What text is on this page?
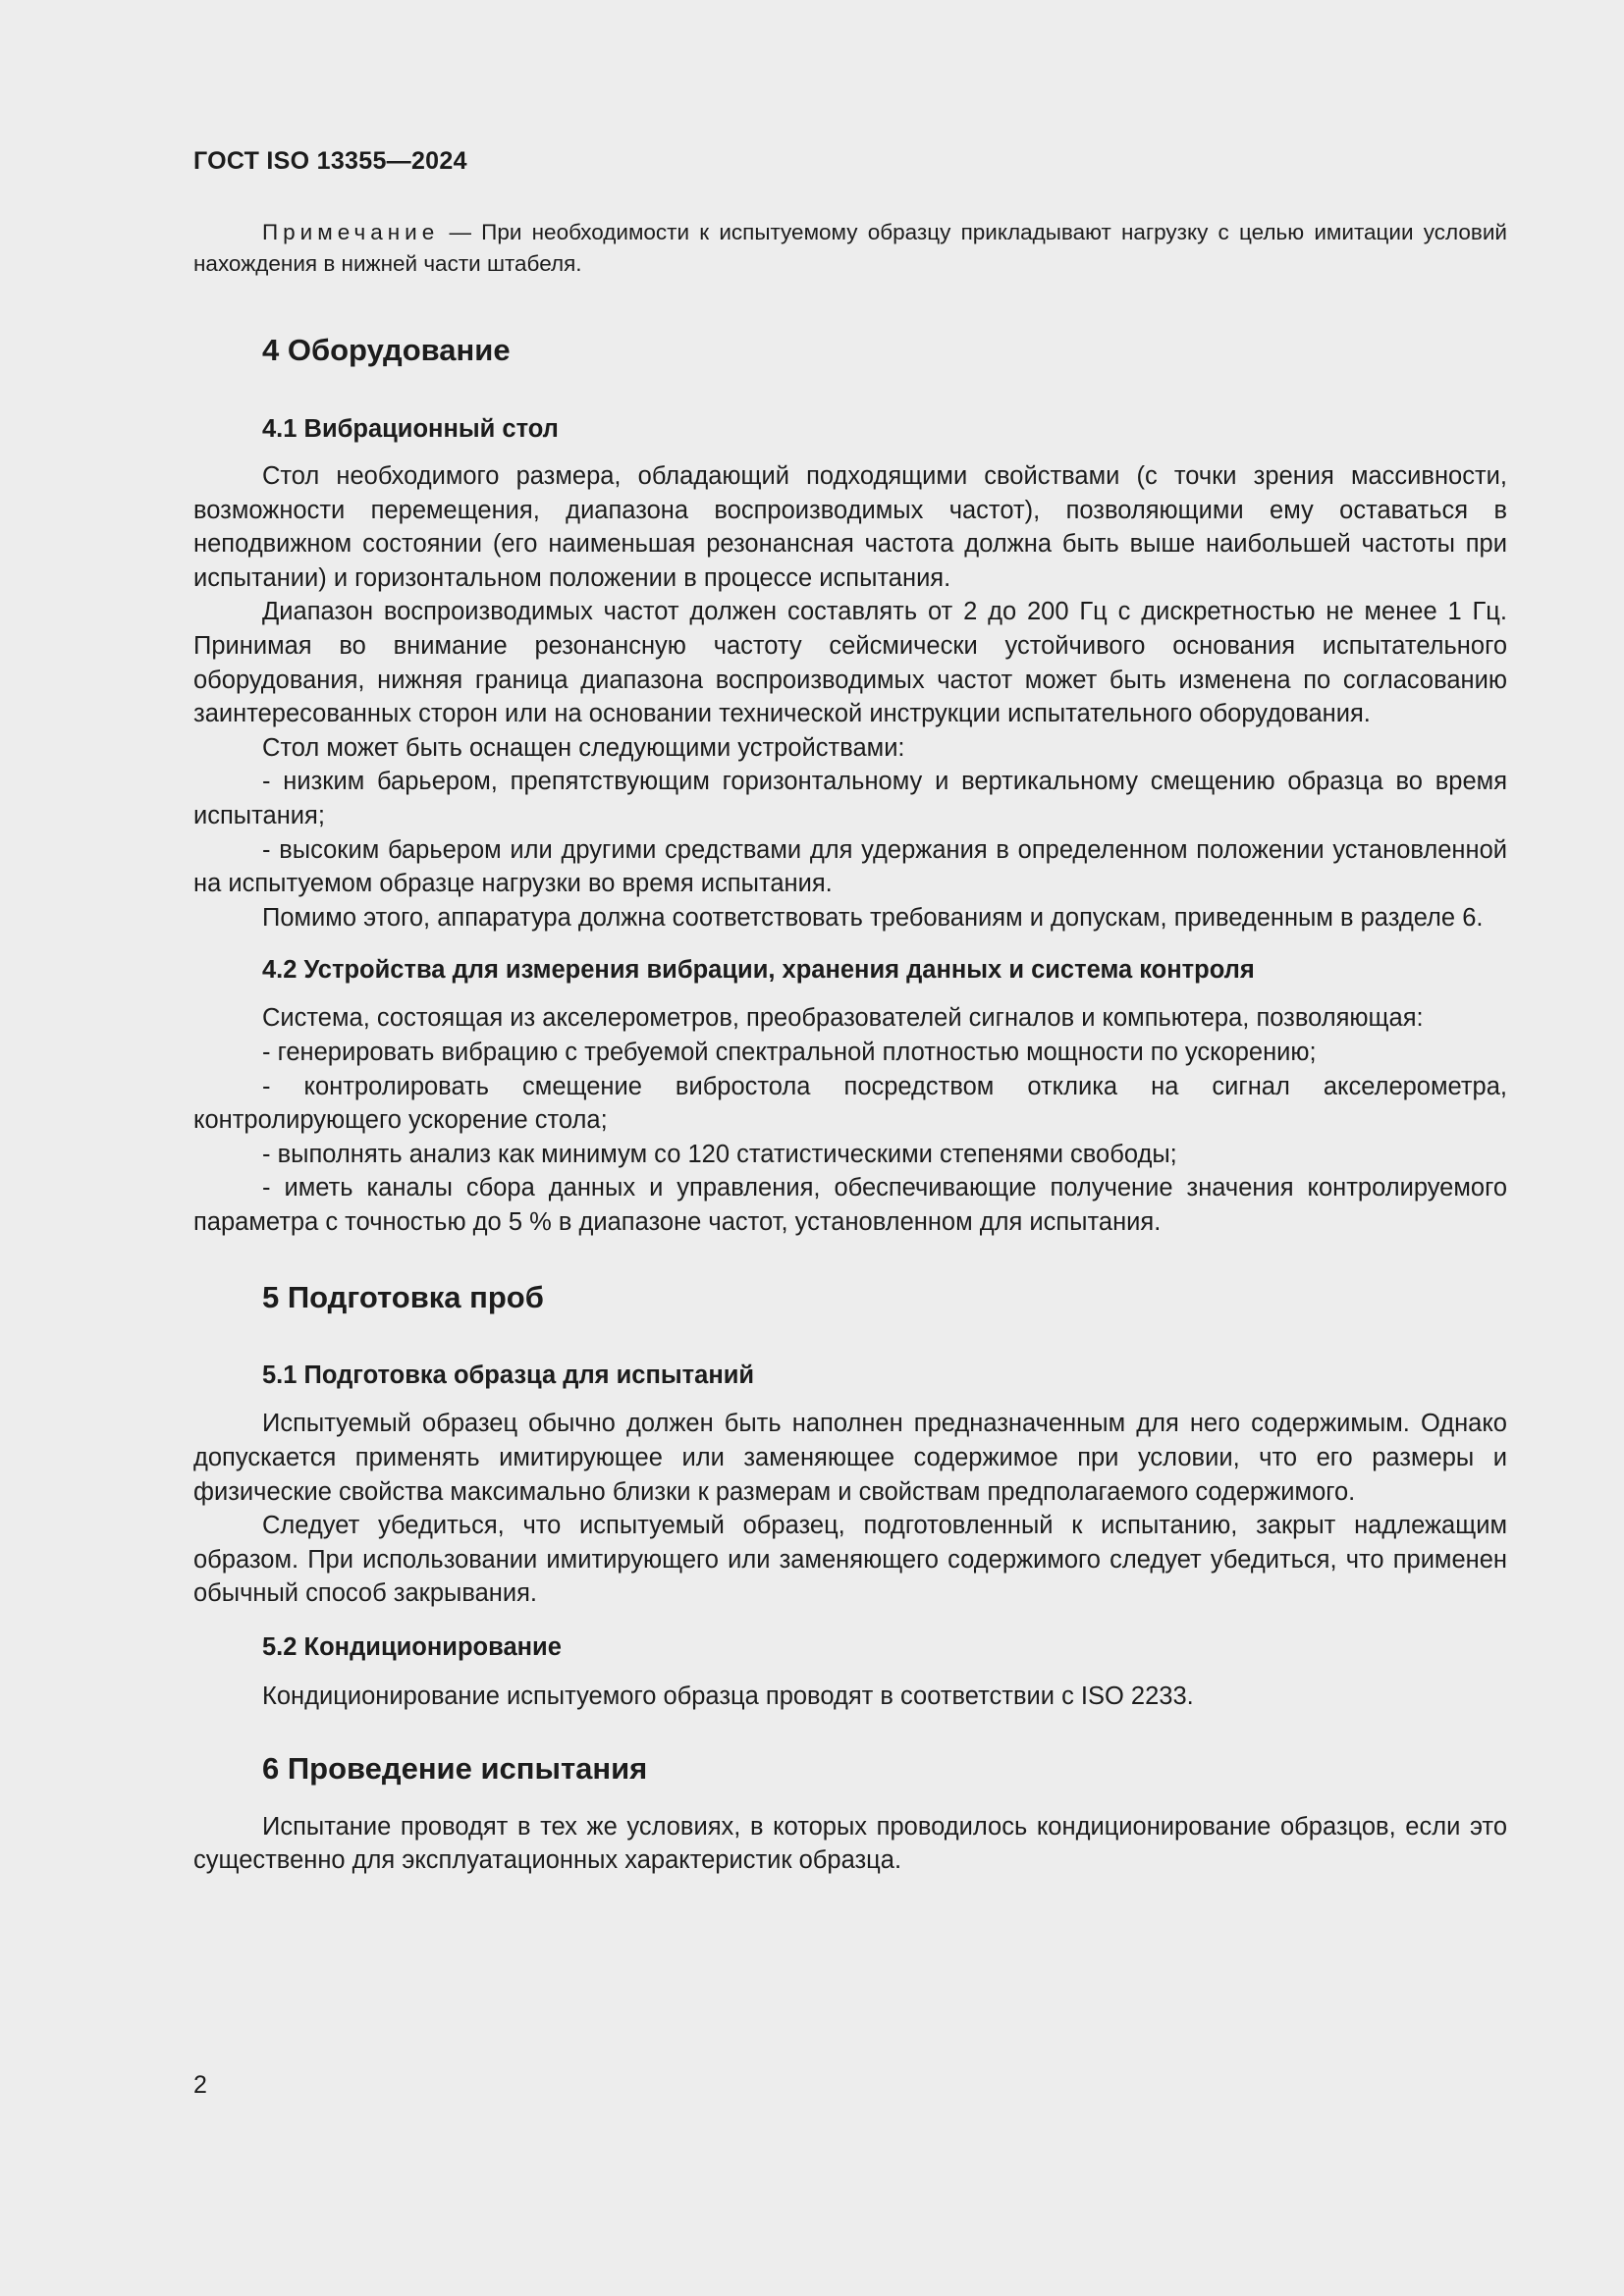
ГОСТ ISO 13355—2024

Примечание — При необходимости к испытуемому образцу прикладывают нагрузку с целью имитации условий нахождения в нижней части штабеля.

4 Оборудование
4.1 Вибрационный стол

Стол необходимого размера, обладающий подходящими свойствами (с точки зрения массивности, возможности перемещения, диапазона воспроизводимых частот), позволяющими ему оставаться в неподвижном состоянии (его наименьшая резонансная частота должна быть выше наибольшей частоты при испытании) и горизонтальном положении в процессе испытания.

Диапазон воспроизводимых частот должен составлять от 2 до 200 Гц с дискретностью не менее 1 Гц. Принимая во внимание резонансную частоту сейсмически устойчивого основания испытательного оборудования, нижняя граница диапазона воспроизводимых частот может быть изменена по согласованию заинтересованных сторон или на основании технической инструкции испытательного оборудования.

Стол может быть оснащен следующими устройствами:

- низким барьером, препятствующим горизонтальному и вертикальному смещению образца во время испытания;

- высоким барьером или другими средствами для удержания в определенном положении установленной на испытуемом образце нагрузки во время испытания.

Помимо этого, аппаратура должна соответствовать требованиям и допускам, приведенным в разделе 6.

4.2 Устройства для измерения вибрации, хранения данных и система контроля

Система, состоящая из акселерометров, преобразователей сигналов и компьютера, позволяющая:

- генерировать вибрацию с требуемой спектральной плотностью мощности по ускорению;

- контролировать смещение вибростола посредством отклика на сигнал акселерометра, контролирующего ускорение стола;

- выполнять анализ как минимум со 120 статистическими степенями свободы;

- иметь каналы сбора данных и управления, обеспечивающие получение значения контролируемого параметра с точностью до 5 % в диапазоне частот, установленном для испытания.

5 Подготовка проб
5.1 Подготовка образца для испытаний

Испытуемый образец обычно должен быть наполнен предназначенным для него содержимым. Однако допускается применять имитирующее или заменяющее содержимое при условии, что его размеры и физические свойства максимально близки к размерам и свойствам предполагаемого содержимого.

Следует убедиться, что испытуемый образец, подготовленный к испытанию, закрыт надлежащим образом. При использовании имитирующего или заменяющего содержимого следует убедиться, что применен обычный способ закрывания.

5.2 Кондиционирование

Кондиционирование испытуемого образца проводят в соответствии с ISO 2233.

6 Проведение испытания

Испытание проводят в тех же условиях, в которых проводилось кондиционирование образцов, если это существенно для эксплуатационных характеристик образца.

2
